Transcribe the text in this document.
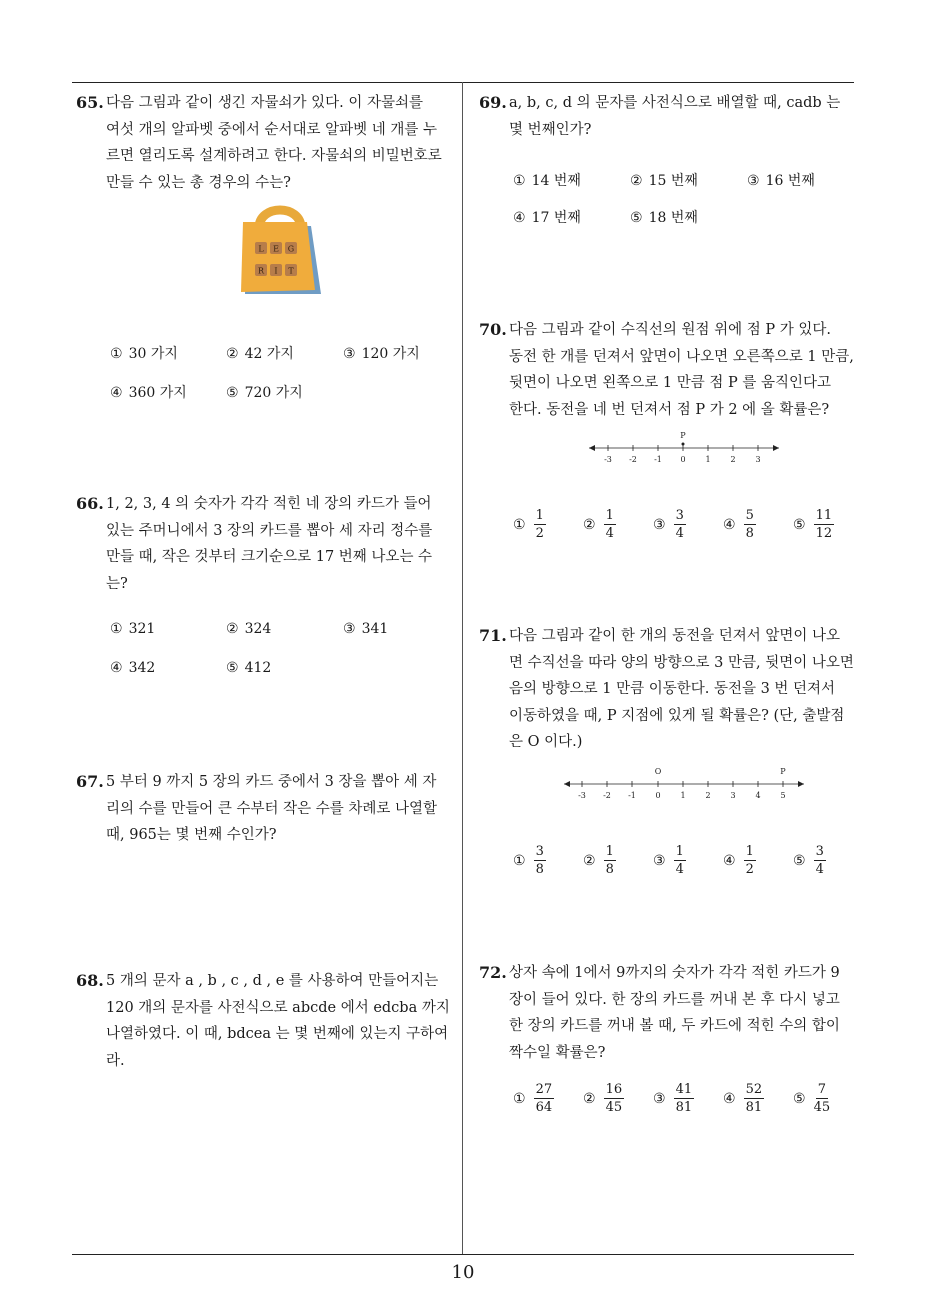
65. 다음 그림과 같이 생긴 자물쇠가 있다. 이 자물쇠를
여섯 개의 알파벳 중에서 순서대로 알파벳 네 개를 누
르면 열리도록 설계하려고 한다. 자물쇠의 비밀번호로
만들 수 있는 총 경우의 수는?
L E G
R I T
① 30 가지	② 42 가지	③ 120 가지
④ 360 가지	⑤ 720 가지
66. 1, 2, 3, 4 의 숫자가 각각 적힌 네 장의 카드가 들어
있는 주머니에서 3 장의 카드를 뽑아 세 자리 정수를
만들 때, 작은 것부터 크기순으로 17 번째 나오는 수
는?
① 321	② 324	③ 341
④ 342	⑤ 412
67. 5 부터 9 까지 5 장의 카드 중에서 3 장을 뽑아 세 자
리의 수를 만들어 큰 수부터 작은 수를 차례로 나열할
때, 965는 몇 번째 수인가?
68. 5 개의 문자 a , b , c , d , e 를 사용하여 만들어지는
120 개의 문자를 사전식으로 abcde 에서 edcba 까지
나열하였다. 이 때, bdcea 는 몇 번째에 있는지 구하여
라.
69. a, b, c, d 의 문자를 사전식으로 배열할 때, cadb 는
몇 번째인가?
① 14 번째	② 15 번째	③ 16 번째
④ 17 번째	⑤ 18 번째
70. 다음 그림과 같이 수직선의 원점 위에 점 P 가 있다.
동전 한 개를 던져서 앞면이 나오면 오른쪽으로 1 만큼,
뒷면이 나오면 왼쪽으로 1 만큼 점 P 를 움직인다고
한다. 동전을 네 번 던져서 점 P 가 2 에 올 확률은?
P
-3 -2 -1 0 1 2 3
① $\frac{1}{2}$	② $\frac{1}{4}$	③ $\frac{3}{4}$	④ $\frac{5}{8}$	⑤ $\frac{11}{12}$
71. 다음 그림과 같이 한 개의 동전을 던져서 앞면이 나오
면 수직선을 따라 양의 방향으로 3 만큼, 뒷면이 나오면
음의 방향으로 1 만큼 이동한다. 동전을 3 번 던져서
이동하였을 때, P 지점에 있게 될 확률은? (단, 출발점
은 O 이다.)
O	P
-3 -2 -1 0 1 2 3 4 5
① $\frac{3}{8}$	② $\frac{1}{8}$	③ $\frac{1}{4}$	④ $\frac{1}{2}$	⑤ $\frac{3}{4}$
72. 상자 속에 1에서 9까지의 숫자가 각각 적힌 카드가 9
장이 들어 있다. 한 장의 카드를 꺼내 본 후 다시 넣고
한 장의 카드를 꺼내 볼 때, 두 카드에 적힌 수의 합이
짝수일 확률은?
① $\frac{27}{64}$ ② $\frac{16}{45}$ ③ $\frac{41}{81}$ ④ $\frac{52}{81}$ ⑤ $\frac{7}{45}$
10
